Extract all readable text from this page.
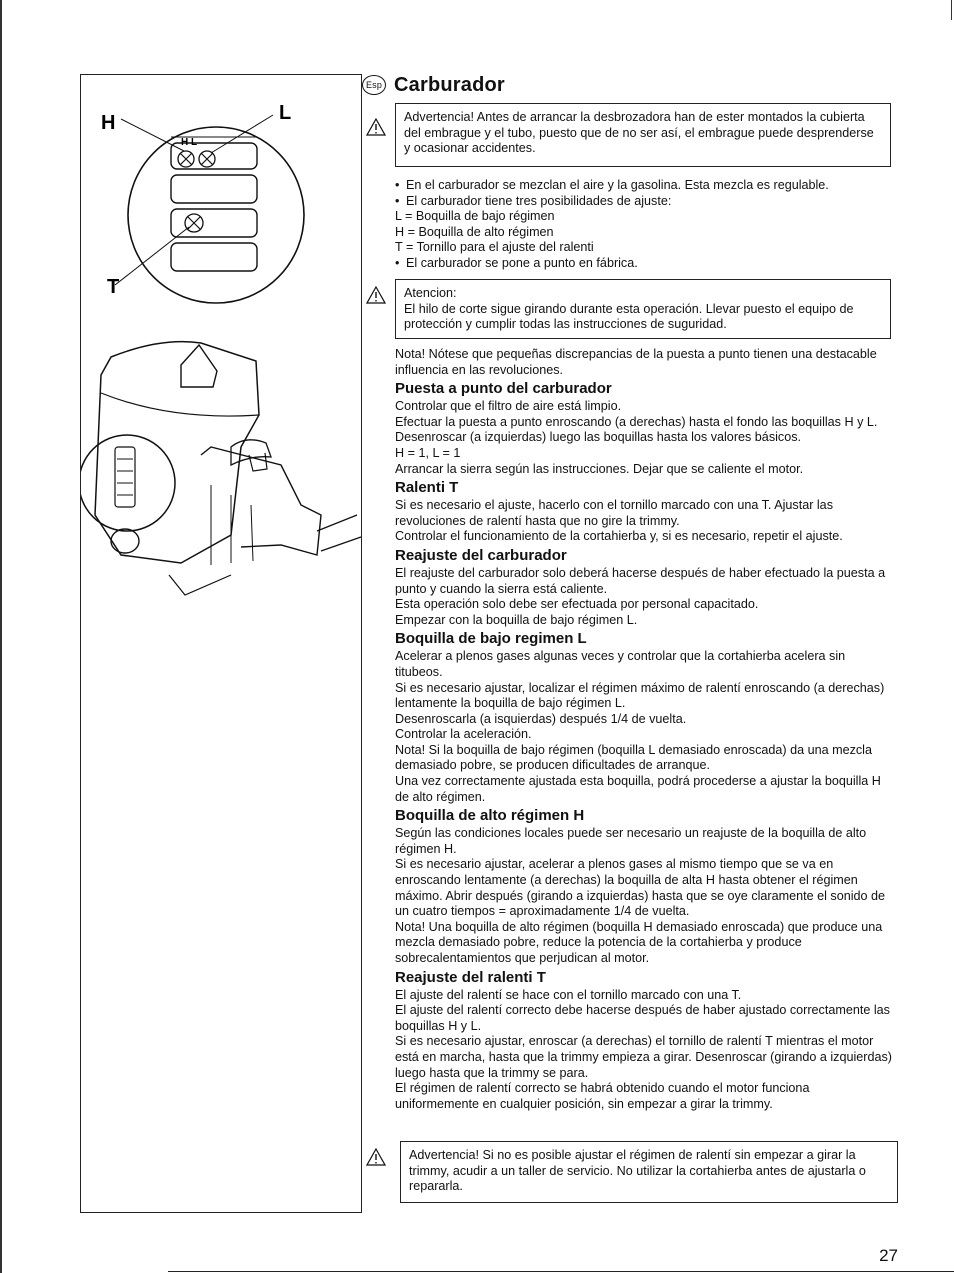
H	L
T
H L
Esp Carburador

Advertencia! Antes de arrancar la desbrozadora han de ester montados la cubierta del embrague y el tubo, puesto que de no ser así, el embrague puede desprenderse y ocasionar accidentes.

• En el carburador se mezclan el aire y la gasolina. Esta mezcla es regulable.
• El carburador tiene tres posibilidades de ajuste:

L = Boquilla de bajo régimen

H = Boquilla de alto régimen

T = Tornillo para el ajuste del ralenti

• El carburador se pone a punto en fábrica.

Atencion:

El hilo de corte sigue girando durante esta operación. Llevar puesto el equipo de protección y cumplir todas las instrucciones de suguridad.

Nota! Nótese que pequeñas discrepancias de la puesta a punto tienen una destacable influencia en las revoluciones.

Puesta a punto del carburador

Controlar que el filtro de aire está limpio.

Efectuar la puesta a punto enroscando (a derechas) hasta el fondo las boquillas H y L.

Desenroscar (a izquierdas) luego las boquillas hasta los valores básicos.

H = 1, L = 1

Arrancar la sierra según las instrucciones. Dejar que se caliente el motor.

Ralenti T

Si es necesario el ajuste, hacerlo con el tornillo marcado con una T. Ajustar las revoluciones de ralentí hasta que no gire la trimmy.

Controlar el funcionamiento de la cortahierba y, si es necesario, repetir el ajuste.

Reajuste del carburador

El reajuste del carburador solo deberá hacerse después de haber efectuado la puesta a punto y cuando la sierra está caliente.

Esta operación solo debe ser efectuada por personal capacitado.

Empezar con la boquilla de bajo régimen L.

Boquilla de bajo regimen L

Acelerar a plenos gases algunas veces y controlar que la cortahierba acelera sin titubeos.

Si es necesario ajustar, localizar el régimen máximo de ralentí enroscando (a derechas) lentamente la boquilla de bajo régimen L.

Desenroscarla (a isquierdas) después 1/4 de vuelta.

Controlar la aceleración.

Nota! Si la boquilla de bajo régimen (boquilla L demasiado enroscada) da una mezcla demasiado pobre, se producen dificultades de arranque.

Una vez correctamente ajustada esta boquilla, podrá procederse a ajustar la boquilla H de alto régimen.

Boquilla de alto régimen H

Según las condiciones locales puede ser necesario un reajuste de la boquilla de alto régimen H.

Si es necesario ajustar, acelerar a plenos gases al mismo tiempo que se va en enroscando lentamente (a derechas) la boquilla de alta H hasta obtener el régimen máximo. Abrir después (girando a izquierdas) hasta que se oye claramente el sonido de un cuatro tiempos = aproximadamente 1/4 de vuelta.

Nota! Una boquilla de alto régimen (boquilla H demasiado enroscada) que produce una mezcla demasiado pobre, reduce la potencia de la cortahierba y produce sobrecalentamientos que perjudican al motor.

Reajuste del ralenti T

El ajuste del ralentí se hace con el tornillo marcado con una T.

El ajuste del ralentí correcto debe hacerse después de haber ajustado correctamente las boquillas H y L.

Si es necesario ajustar, enroscar (a derechas) el tornillo de ralentí T mientras el motor está en marcha, hasta que la trimmy empieza a girar. Desenroscar (girando a izquierdas) luego hasta que la trimmy se para.

El régimen de ralentí correcto se habrá obtenido cuando el motor funciona uniformemente en cualquier posición, sin empezar a girar la trimmy.

Advertencia! Si no es posible ajustar el régimen de ralentí sin empezar a girar la trimmy, acudir a un taller de servicio. No utilizar la cortahierba antes de ajustarla o repararla.

27
